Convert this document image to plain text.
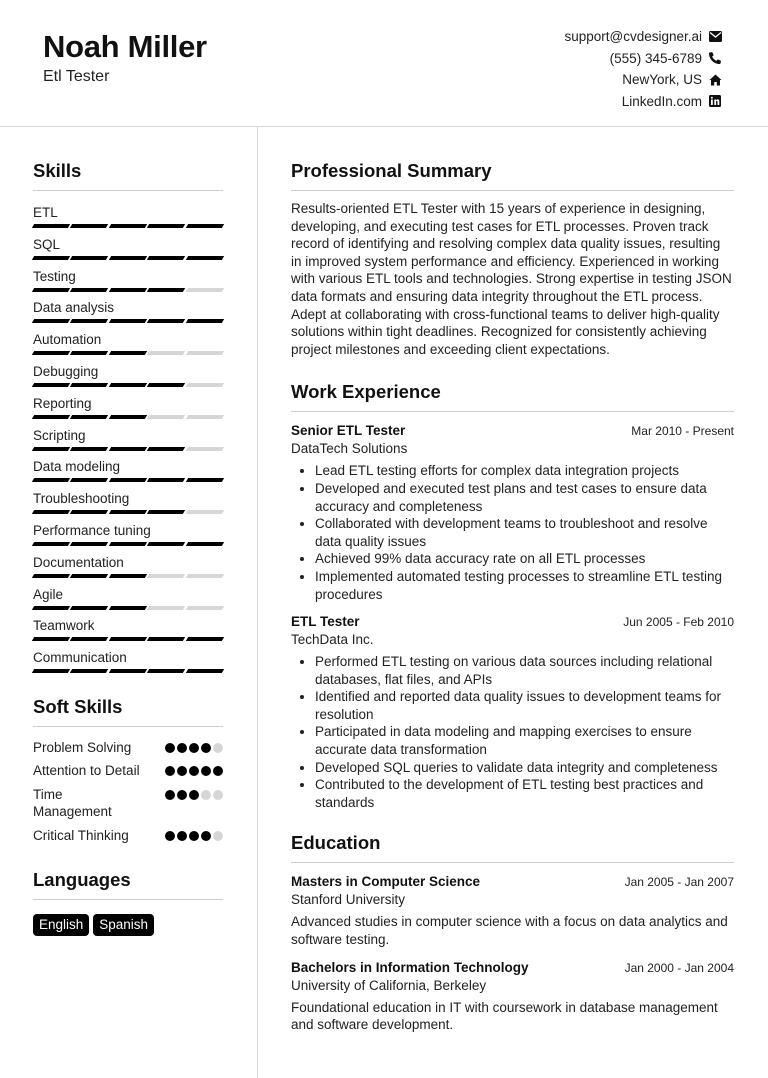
Noah Miller
Etl Tester
support@cvdesigner.ai
(555) 345-6789
NewYork, US
LinkedIn.com
Skills
ETL
SQL
Testing
Data analysis
Automation
Debugging
Reporting
Scripting
Data modeling
Troubleshooting
Performance tuning
Documentation
Agile
Teamwork
Communication
Soft Skills
Problem Solving
Attention to Detail
Time Management
Critical Thinking
Languages
English	Spanish
Professional Summary
Results-oriented ETL Tester with 15 years of experience in designing, developing, and executing test cases for ETL processes. Proven track record of identifying and resolving complex data quality issues, resulting in improved system performance and efficiency. Experienced in working with various ETL tools and technologies. Strong expertise in testing JSON data formats and ensuring data integrity throughout the ETL process. Adept at collaborating with cross-functional teams to deliver high-quality solutions within tight deadlines. Recognized for consistently achieving project milestones and exceeding client expectations.
Work Experience
Senior ETL Tester	Mar 2010 - Present
DataTech Solutions
• Lead ETL testing efforts for complex data integration projects
• Developed and executed test plans and test cases to ensure data accuracy and completeness
• Collaborated with development teams to troubleshoot and resolve data quality issues
• Achieved 99% data accuracy rate on all ETL processes
• Implemented automated testing processes to streamline ETL testing procedures
ETL Tester	Jun 2005 - Feb 2010
TechData Inc.
• Performed ETL testing on various data sources including relational databases, flat files, and APIs
• Identified and reported data quality issues to development teams for resolution
• Participated in data modeling and mapping exercises to ensure accurate data transformation
• Developed SQL queries to validate data integrity and completeness
• Contributed to the development of ETL testing best practices and standards
Education
Masters in Computer Science	Jan 2005 - Jan 2007
Stanford University
Advanced studies in computer science with a focus on data analytics and software testing.
Bachelors in Information Technology	Jan 2000 - Jan 2004
University of California, Berkeley
Foundational education in IT with coursework in database management and software development.
